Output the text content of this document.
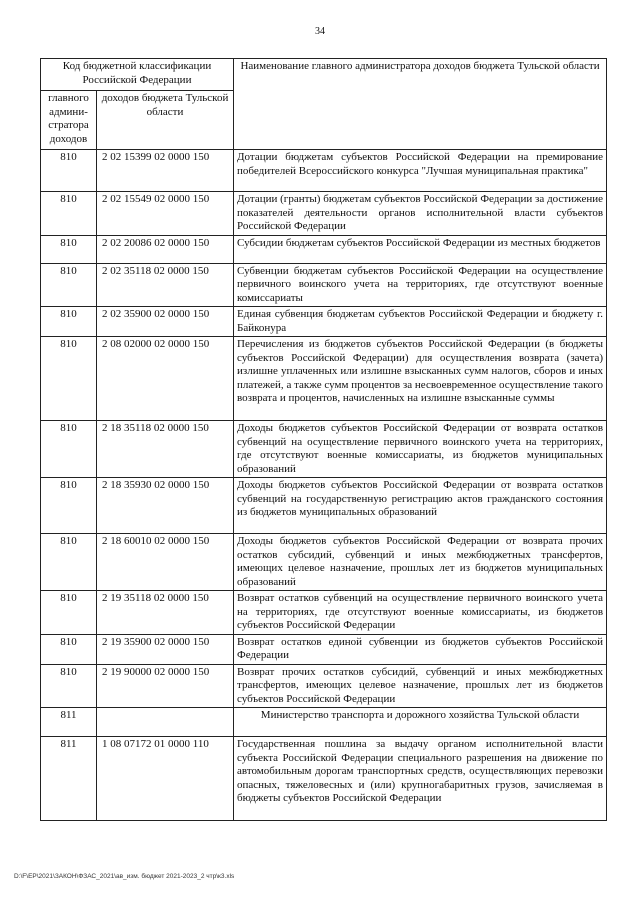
34
Код бюджетной классификации Российской Федерации		Наименование главного администратора доходов бюджета Тульской области
главного админи-стратора доходов	доходов бюджета Тульской области	
810	2 02 15399 02 0000 150	Дотации бюджетам субъектов Российской Федерации на премирование победителей Всероссийского конкурса "Лучшая муниципальная практика"
810	2 02 15549 02 0000 150	Дотации (гранты) бюджетам субъектов Российской Федерации за достижение показателей деятельности органов исполнительной власти субъектов Российской Федерации
810	2 02 20086 02 0000 150	Субсидии бюджетам субъектов Российской Федерации из местных бюджетов
810	2 02 35118 02 0000 150	Субвенции бюджетам субъектов Российской Федерации на осуществление первичного воинского учета на территориях, где отсутствуют военные комиссариаты
810	2 02 35900 02 0000 150	Единая субвенция бюджетам субъектов Российской Федерации и бюджету г. Байконура
810	2 08 02000 02 0000 150	Перечисления из бюджетов субъектов Российской Федерации (в бюджеты субъектов Российской Федерации) для осуществления возврата (зачета) излишне уплаченных или излишне взысканных сумм налогов, сборов и иных платежей, а также сумм процентов за несвоевременное осуществление такого возврата и процентов, начисленных на излишне взысканные суммы
810	2 18 35118 02 0000 150	Доходы бюджетов субъектов Российской Федерации от возврата остатков субвенций на осуществление первичного воинского учета на территориях, где отсутствуют военные комиссариаты, из бюджетов муниципальных образований
810	2 18 35930 02 0000 150	Доходы бюджетов субъектов Российской Федерации от возврата остатков субвенций на государственную регистрацию актов гражданского состояния из бюджетов муниципальных образований
810	2 18 60010 02 0000 150	Доходы бюджетов субъектов Российской Федерации от возврата прочих остатков субсидий, субвенций и иных межбюджетных трансфертов, имеющих целевое назначение, прошлых лет из бюджетов муниципальных образований
810	2 19 35118 02 0000 150	Возврат остатков субвенций на осуществление первичного воинского учета на территориях, где отсутствуют военные комиссариаты, из бюджетов субъектов Российской Федерации
810	2 19 35900 02 0000 150	Возврат остатков единой субвенции из бюджетов субъектов Российской Федерации
810	2 19 90000 02 0000 150	Возврат прочих остатков субсидий, субвенций и иных межбюджетных трансфертов, имеющих целевое назначение, прошлых лет из бюджетов субъектов Российской Федерации
811		Министерство транспорта и дорожного хозяйства Тульской области
811	1 08 07172 01 0000 110	Государственная пошлина за выдачу органом исполнительной власти субъекта Российской Федерации специального разрешения на движение по автомобильным дорогам транспортных средств, осуществляющих перевозки опасных, тяжеловесных и (или) крупногабаритных грузов, зачисляемая в бюджеты субъектов Российской Федерации
D:\F\ЕР\2021\ЗАКОН\ФЗАС_2021\ав_изм. бюджет 2021-2023_2 чтр\к3.xls
